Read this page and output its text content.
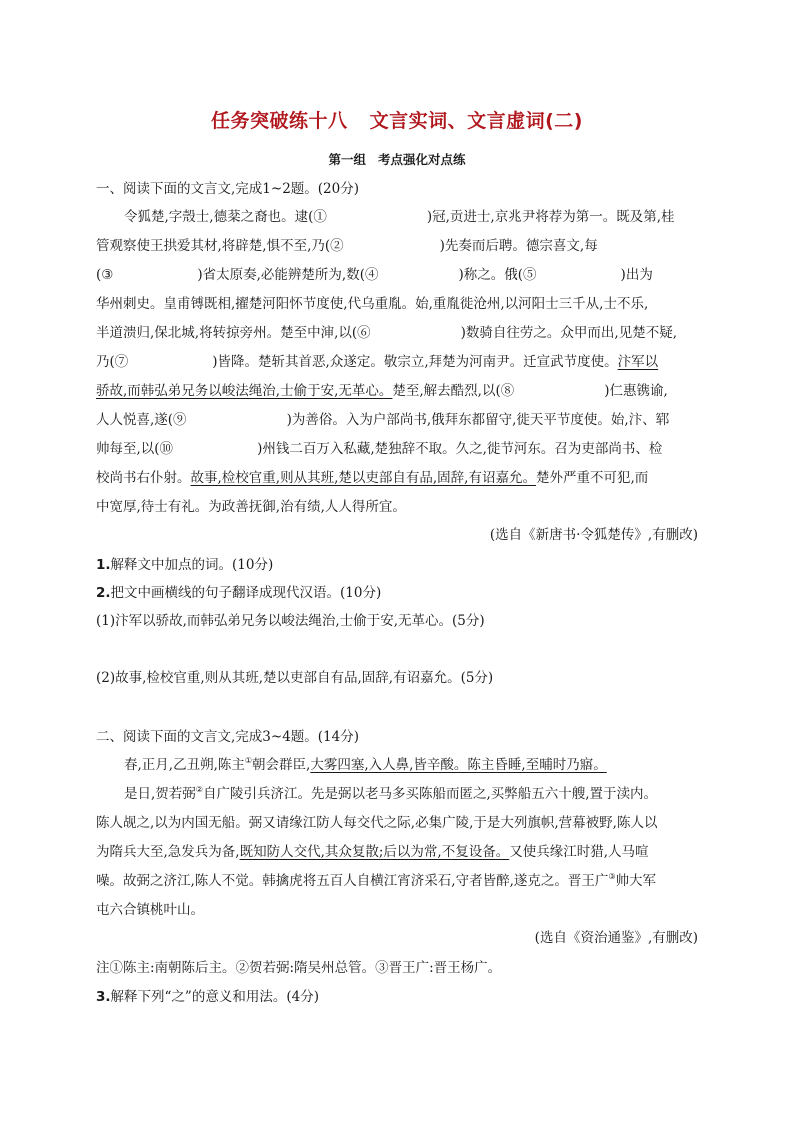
任务突破练十八 文言实词、文言虚词(二)
第一组 考点强化对点练
一、阅读下面的文言文,完成1~2题。(20分)
令狐楚,字殼士,德棻之裔也。逮(①	)冠,贡进士,京兆尹将荐为第一。既及第,桂
管观察使王拱爱其材,将辟楚,惧不至,乃(②	)先奏而后聘。德宗喜文,每
(③	)省太原奏,必能辨楚所为,数(④	)称之。俄(⑤	)出为
华州刺史。皇甫镈既相,擢楚河阳怀节度使,代乌重胤。始,重胤徙沧州,以河阳士三千从,士不乐,
半道溃归,保北城,将转掠旁州。楚至中渖,以(⑥	)数骑自往劳之。众甲而出,见楚不疑,
乃(⑦	)皆降。楚斩其首恶,众遂定。敬宗立,拜楚为河南尹。迁宣武节度使。汴军以
骄故,而韩弘弟兄务以峻法绳治,士偷于安,无革心。楚至,解去酷烈,以(⑧	)仁惠镌谕,
人人悦喜,遂(⑨	)为善俗。入为户部尚书,俄拜东都留守,徙天平节度使。始,汴、郓
帅每至,以(⑩	)州钱二百万入私藏,楚独辞不取。久之,徙节河东。召为吏部尚书、检
校尚书右仆射。故事,检校官重,则从其班,楚以吏部自有品,固辞,有诏嘉允。楚外严重不可犯,而
中宽厚,待士有礼。为政善抚御,治有绩,人人得所宜。
(选自《新唐书·令狐楚传》,有删改)
1.解释文中加点的词。(10分)
2.把文中画横线的句子翻译成现代汉语。(10分)
(1)汴军以骄故,而韩弘弟兄务以峻法绳治,士偷于安,无革心。(5分)
(2)故事,检校官重,则从其班,楚以吏部自有品,固辞,有诏嘉允。(5分)
二、阅读下面的文言文,完成3~4题。(14分)
春,正月,乙丑朔,陈主①朝会群臣,大雾四塞,入人鼻,皆辛酸。陈主昏睡,至晡时乃寤。
是日,贺若弼②自广陵引兵济江。先是弼以老马多买陈船而匿之,买弊船五六十艘,置于渎内。
陈人觇之,以为内国无船。弼又请缘江防人每交代之际,必集广陵,于是大列旗帜,营幕被野,陈人以
为隋兵大至,急发兵为备,既知防人交代,其众复散;后以为常,不复设备。又使兵缘江时猎,人马喧
噪。故弼之济江,陈人不觉。韩擒虎将五百人自横江宵济采石,守者皆醉,遂克之。晋王广③帅大军
屯六合镇桃叶山。
(选自《资治通鉴》,有删改)
注①陈主:南朝陈后主。②贺若弼:隋吴州总管。③晋王广:晋王杨广。
3.解释下列“之”的意义和用法。(4分)
